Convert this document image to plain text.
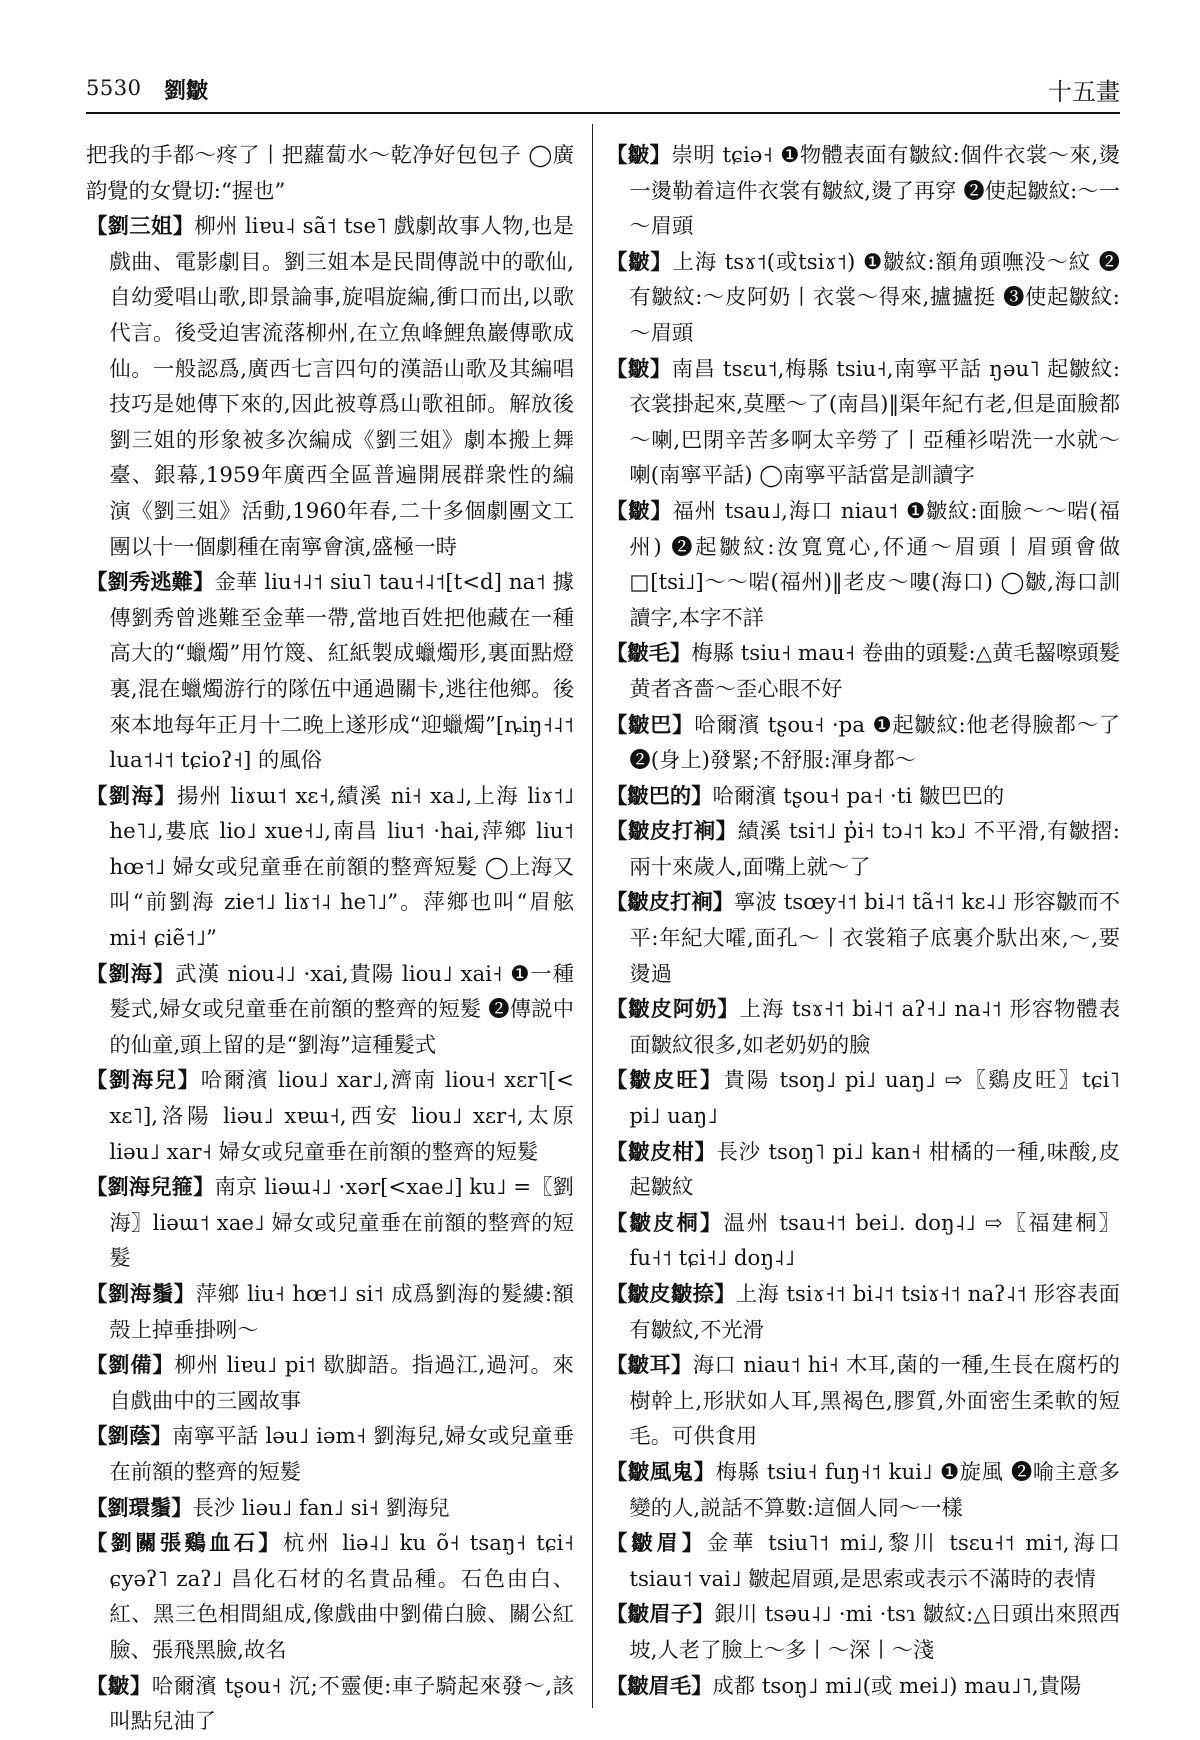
5530 劉皺	十五畫

把我的手都～疼了丨把蘿蔔水～乾净好包包子 ◯廣韵覺的女覺切:“握也”

【劉三姐】柳州 liɐu˨ sã˦ tse˥ 戲劇故事人物,也是戲曲、電影劇目。劉三姐本是民間傳説中的歌仙,自幼愛唱山歌,即景論事,旋唱旋編,衝口而出,以歌代言。後受迫害流落柳州,在立魚峰鯉魚巖傳歌成仙。一般認爲,廣西七言四句的漢語山歌及其編唱技巧是她傳下來的,因此被尊爲山歌祖師。解放後劉三姐的形象被多次編成《劉三姐》劇本搬上舞臺、銀幕,1959年廣西全區普遍開展群衆性的編演《劉三姐》活動,1960年春,二十多個劇團文工團以十一個劇種在南寧會演,盛極一時

【劉秀逃難】金華 liu˧˨˦ siu˥ tau˧˨˦[t<d] na˦ 據傳劉秀曾逃難至金華一帶,當地百姓把他藏在一種高大的“蠟燭”用竹篾、紅紙製成蠟燭形,裏面點燈裏,混在蠟燭游行的隊伍中通過關卡,逃往他鄉。後來本地每年正月十二晚上遂形成“迎蠟燭”[ȵiŋ˧˨˦ lua˦˨˦ tɕioʔ˧] 的風俗

【劉海】揚州 liɤɯ˦ xɛ˧,績溪 ni˧ xa˩,上海 liɤ˦˩ he˥˩,婁底 lio˩ xue˧˩,南昌 liu˦ ·hai,萍鄉 liu˦ hœ˦˩ 婦女或兒童垂在前額的整齊短髮 ◯上海又叫“前劉海 zie˦˩ liɤ˦˨ he˥˩”。萍鄉也叫“眉舷 mi˧ ɕiẽ˦˩”

【劉海】武漢 niou˨˩ ·xai,貴陽 liou˩ xai˧ ❶一種髮式,婦女或兒童垂在前額的整齊的短髮 ❷傳説中的仙童,頭上留的是“劉海”這種髮式

【劉海兒】哈爾濱 liou˩ xar˩,濟南 liou˧ xɛr˥[< xɛ˥],洛陽 liəu˩ xɐɯ˧,西安 liou˩ xɛr˧,太原 liəu˩ xar˧ 婦女或兒童垂在前額的整齊的短髮

【劉海兒箍】南京 liəɯ˨˩ ·xər[<xae˩] ku˩ =〖劉海〗liəɯ˦ xae˩ 婦女或兒童垂在前額的整齊的短髮

【劉海鬚】萍鄉 liu˧ hœ˦˩ si˦ 成爲劉海的髮縷:額殼上掉垂掛咧～

【劉備】柳州 liɐu˩ pi˦ 歇脚語。指過江,過河。來自戲曲中的三國故事

【劉蔭】南寧平話 ləu˩ iəm˧ 劉海兒,婦女或兒童垂在前額的整齊的短髮

【劉環鬚】長沙 liəu˩ fan˩ si˧ 劉海兒

【劉關張鷄血石】杭州 liə˨˩ ku õ˧ tsaŋ˧ tɕi˧ ɕyəʔ˥ zaʔ˩ 昌化石材的名貴品種。石色由白、紅、黑三色相間組成,像戲曲中劉備白臉、關公紅臉、張飛黑臉,故名

【皺】哈爾濱 tʂou˧ 沉;不靈便:車子騎起來發～,該叫點兒油了

【皺】崇明 tɕiə˧ ❶物體表面有皺紋:個件衣裳～來,燙一燙勒着這件衣裳有皺紋,燙了再穿 ❷使起皺紋:～一～眉頭

【皺】上海 tsɤ˦(或tsiɤ˦) ❶皺紋:額角頭嘸没～紋 ❷有皺紋:～皮阿奶丨衣裳～得來,攎攎挺 ❸使起皺紋:～眉頭

【皺】南昌 tsɛu˦,梅縣 tsiu˧,南寧平話 ŋəu˥ 起皺紋:衣裳掛起來,莫壓～了(南昌)‖渠年紀冇老,但是面臉都～喇,巴閉辛苦多啊太辛勞了丨亞種衫啱洗一水就～喇(南寧平話) ◯南寧平話當是訓讀字

【皺】福州 tsau˩,海口 niau˦ ❶皺紋:面臉～～啱(福州) ❷起皺紋:汝寬寬心,伓通～眉頭丨眉頭會做□[tsi˩]～～啱(福州)‖老皮～嘍(海口) ◯皺,海口訓讀字,本字不詳

【皺毛】梅縣 tsiu˧ mau˧ 卷曲的頭髮:△黄毛齧嚓頭髮黄者吝嗇～歪心眼不好

【皺巴】哈爾濱 tʂou˧ ·pa ❶起皺紋:他老得臉都～了 ❷(身上)發緊;不舒服:渾身都～

【皺巴的】哈爾濱 tʂou˧ pa˧ ·ti 皺巴巴的

【皺皮打裥】績溪 tsi˦˩ p̓i˧ tɔ˨˦ kɔ˩ 不平滑,有皺摺:兩十來歲人,面嘴上就～了

【皺皮打裥】寧波 tsœy˧˦ bi˨˦ tã˧˦ kɛ˨˩ 形容皺而不平:年紀大嚯,面孔～丨衣裳箱子底裏介馱出來,～,要燙過

【皺皮阿奶】上海 tsɤ˧˦ bi˨˦ aʔ˧˩ na˨˦ 形容物體表面皺紋很多,如老奶奶的臉

【皺皮旺】貴陽 tsoŋ˩ pi˩ uaŋ˩ ⇨〖鷄皮旺〗tɕi˥ pi˩ uaŋ˩

【皺皮柑】長沙 tsoŋ˥ pi˩ kan˧ 柑橘的一種,味酸,皮起皺紋

【皺皮桐】温州 tsau˧˦ bei˩. doŋ˨˩ ⇨〖福建桐〗fu˧˦ tɕi˧˩ doŋ˨˩

【皺皮皺捺】上海 tsiɤ˧˦ bi˨˦ tsiɤ˧˦ naʔ˨˦ 形容表面有皺紋,不光滑

【皺耳】海口 niau˦ hi˧ 木耳,菌的一種,生長在腐朽的樹幹上,形狀如人耳,黑褐色,膠質,外面密生柔軟的短毛。可供食用

【皺風鬼】梅縣 tsiu˧ fuŋ˧˦ kui˩ ❶旋風 ❷喻主意多變的人,説話不算數:這個人同～一樣

【皺眉】金華 tsiu˥˦ mi˩,黎川 tsɛu˧˦ mi˦,海口 tsiau˦ vai˩ 皺起眉頭,是思索或表示不滿時的表情

【皺眉子】銀川 tsəu˨˩ ·mi ·tsɿ 皺紋:△日頭出來照西坡,人老了臉上～多丨～深丨～淺

【皺眉毛】成都 tsoŋ˩ mi˩(或 mei˩) mau˩˥,貴陽
